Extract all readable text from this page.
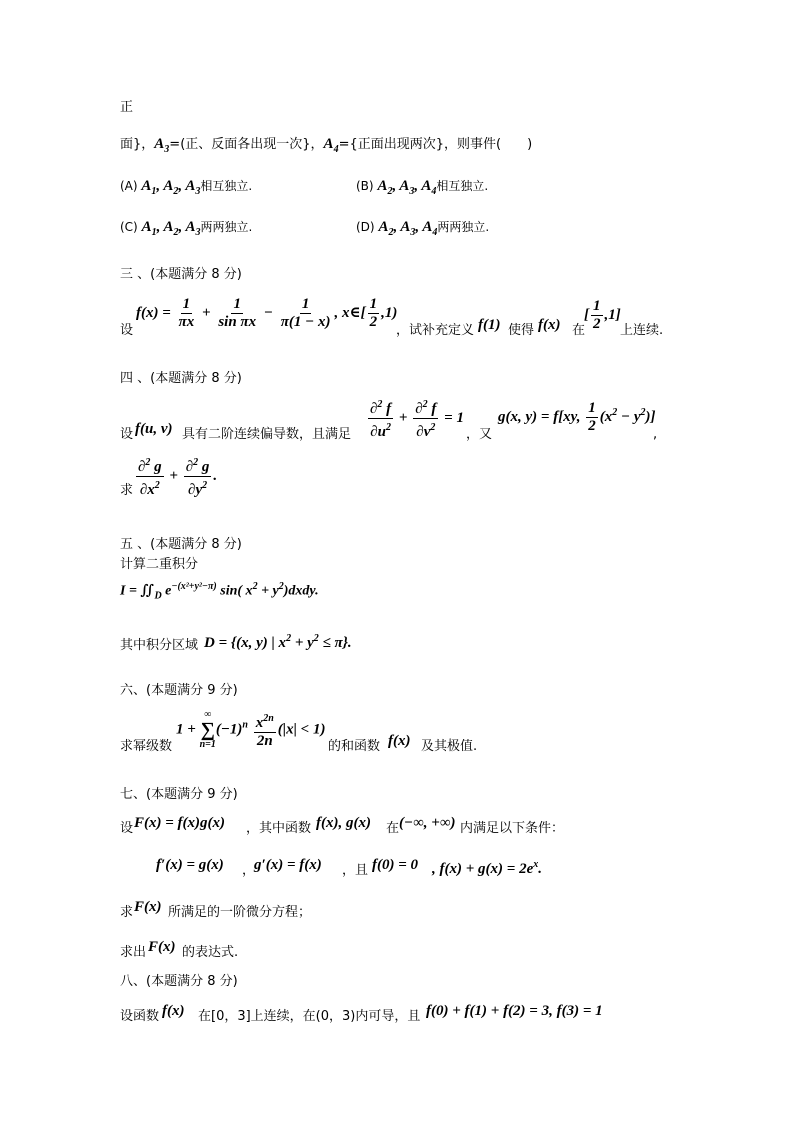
正
面}，$A_3=$(正、反面各出现一次}，$A_4=${正面出现两次}，则事件(　　)
(A) $A_1$, $A_2$, $A_3$相互独立.	(B) $A_2$, $A_3$, $A_4$相互独立.
(C) $A_1$, $A_2$, $A_3$两两独立.	(D) $A_2$, $A_3$, $A_4$两两独立.
三 、(本题满分 8 分)
设
$f(x) = \frac{1}{\pi x} + \frac{1}{\text{sin πx}} - \frac{1}{\pi(1 - x)}$ , x∈[ $\frac{1}{2} ,1$)
，试补充定义 f(1) 使得 f(x) 在
[ $\frac{1}{2} ,1$]
上连续.
四 、(本题满分 8 分)
设 f(u, v) 具有二阶连续偏导数，且满足 $\frac{\partial^2 f}{\partial u^2} + \frac{\partial^2 f}{\partial v^2} = 1$
，又
g(x, y) = f[xy, $\frac{1}{2} (x^2 - y^2)$]
,
求 $\frac{\partial^2 g}{\partial x^2} + \frac{\partial^2 g}{\partial y^2}$ .
五 、(本题满分 8 分)
计算二重积分
$I = ∬_D$ $e^{-(x^2+y^2-\pi)}$ sin( $x^2$ + $y^2)dxdy$.
其中积分区域 D = {(x, y) | $x^2 + y^2 \le \pi$}.
六、(本题满分 9 分)
求幂级数
1 +
∞
∑
n=1
$(-1)^n \frac{x^{2n}}{2n} (|x| < 1)$
的和函数 f(x) 及其极值.
七、(本题满分 9 分)
设 F(x) = f(x)g(x) ，其中函数 f(x), g(x) 在 (−∞, +∞) 内满足以下条件：
f′(x) = g(x) ，
g′(x) = f(x) ，且 f(0) = 0 , $f(x) + g(x) = 2e^x$.
求 F(x) 所满足的一阶微分方程；
求出 F(x) 的表达式.
八、(本题满分 8 分)
设函数 f(x) 在[0，3]上连续，在(0，3)内可导，且 f(0) + f(1) + f(2) = 3, f(3) = 1
